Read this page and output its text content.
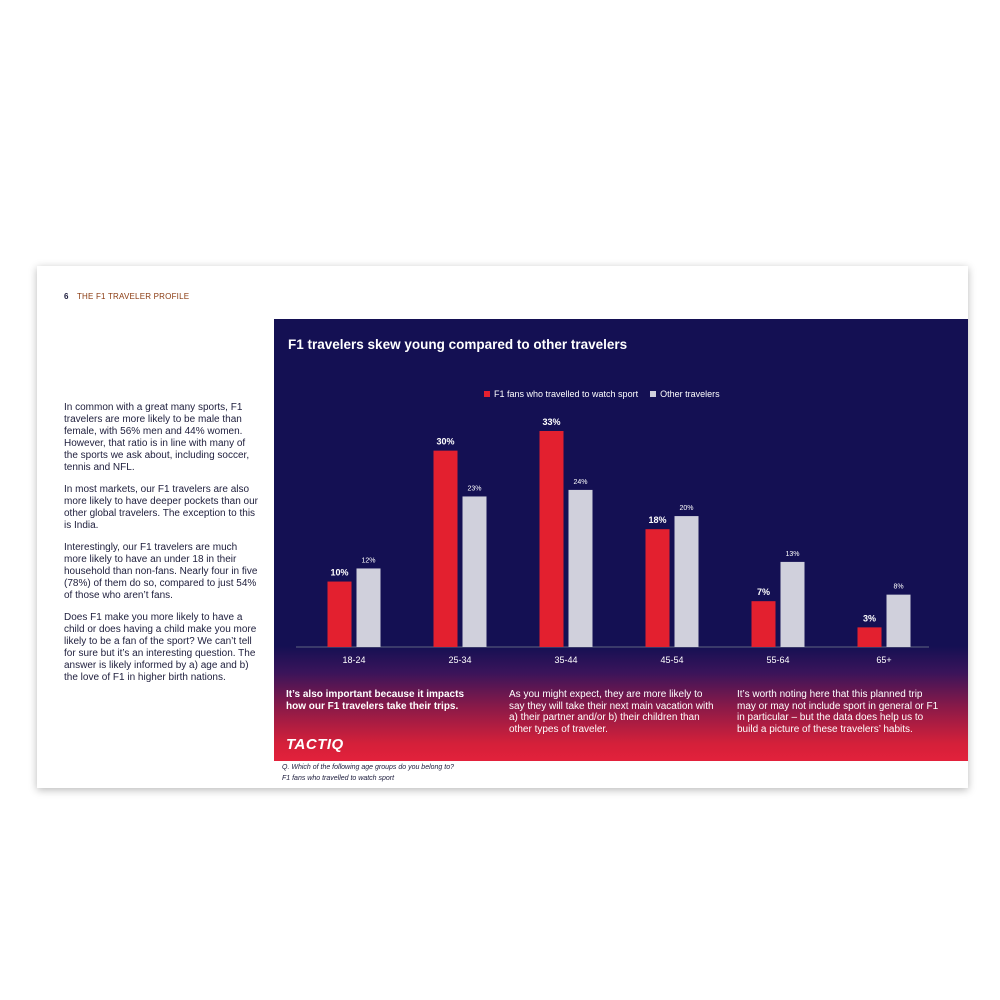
6 THE F1 TRAVELER PROFILE

In common with a great many sports, F1 travelers are more likely to be male than female, with 56% men and 44% women. However, that ratio is in line with many of the sports we ask about, including soccer, tennis and NFL.

In most markets, our F1 travelers are also more likely to have deeper pockets than our other global travelers. The exception to this is India.

Interestingly, our F1 travelers are much more likely to have an under 18 in their household than non-fans. Nearly four in five (78%) of them do so, compared to just 54% of those who aren’t fans.

Does F1 make you more likely to have a child or does having a child make you more likely to be a fan of the sport? We can’t tell for sure but it’s an interesting question. The answer is likely informed by a) age and b) the love of F1 in higher birth nations.

F1 travelers skew young compared to other travelers
F1 fans who travelled to watch sport Other travelers
10%
12%
18-24
30%
23%
25-34
33%
24%
35-44
18%
20%
45-54
7%
13%
55-64
3%
8%
65+
It’s also important because it impacts how our F1 travelers take their trips.
As you might expect, they are more likely to say they will take their next main vacation with a) their partner and/or b) their children than other types of traveler.
It’s worth noting here that this planned trip may or may not include sport in general or F1 in particular – but the data does help us to build a picture of these travelers’ habits.
TACTIQ
Q. Which of the following age groups do you belong to?
F1 fans who travelled to watch sport
